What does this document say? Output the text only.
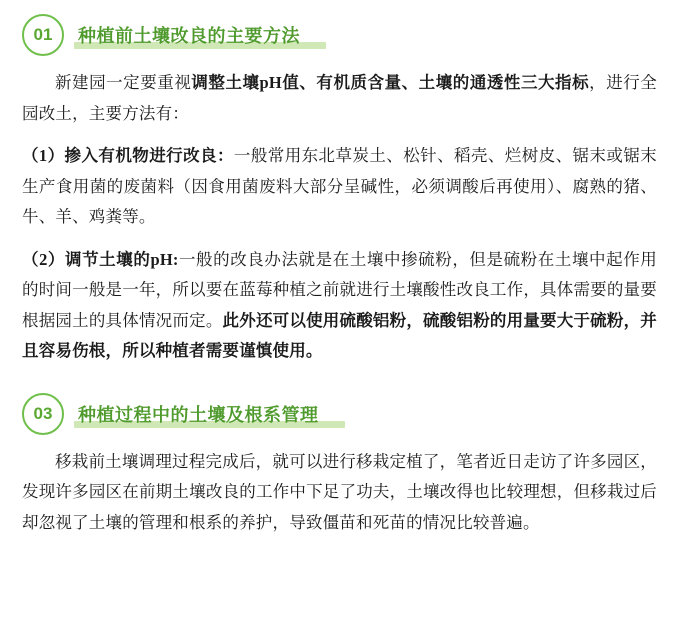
01	种植前土壤改良的主要方法

新建园一定要重视调整土壤pH值、有机质含量、土壤的通透性三大指标，进行全园改土，主要方法有：

（1）掺入有机物进行改良：一般常用东北草炭土、松针、稻壳、烂树皮、锯末或锯末生产食用菌的废菌料（因食用菌废料大部分呈碱性，必须调酸后再使用）、腐熟的猪、牛、羊、鸡粪等。

（2）调节土壤的pH:一般的改良办法就是在土壤中掺硫粉，但是硫粉在土壤中起作用的时间一般是一年，所以要在蓝莓种植之前就进行土壤酸性改良工作，具体需要的量要根据园土的具体情况而定。此外还可以使用硫酸铝粉，硫酸铝粉的用量要大于硫粉，并且容易伤根，所以种植者需要谨慎使用。

03	种植过程中的土壤及根系管理

移栽前土壤调理过程完成后，就可以进行移栽定植了，笔者近日走访了许多园区，发现许多园区在前期土壤改良的工作中下足了功夫，土壤改得也比较理想，但移栽过后却忽视了土壤的管理和根系的养护，导致僵苗和死苗的情况比较普遍。
